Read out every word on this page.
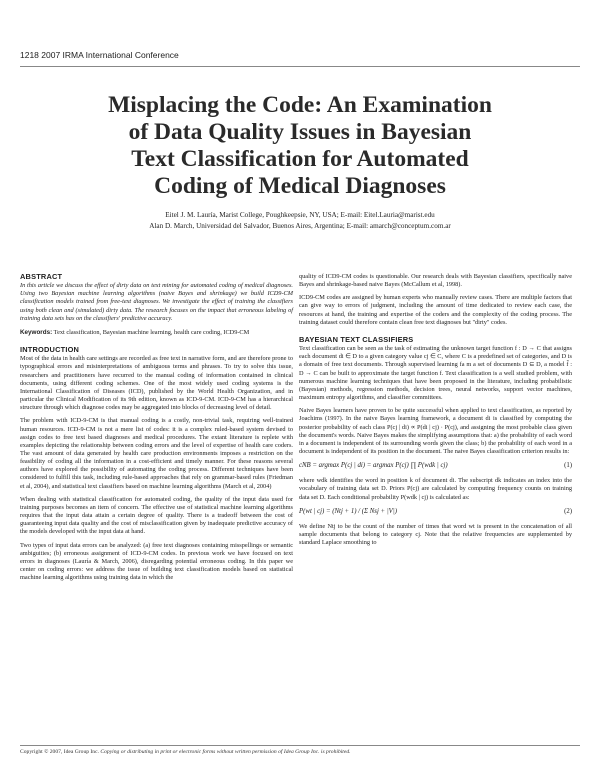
1218 2007 IRMA International Conference
Misplacing the Code: An Examination
of Data Quality Issues in Bayesian
Text Classification for Automated
Coding of Medical Diagnoses
Eitel J. M. Lauría, Marist College, Poughkeepsie, NY, USA; E-mail: Eitel.Lauria@marist.edu
Alan D. March, Universidad del Salvador, Buenos Aires, Argentina; E-mail: amarch@conceptum.com.ar
ABSTRACT
In this article we discuss the effect of dirty data on text mining for automated coding of medical diagnoses. Using two Bayesian machine learning algorithms (naive Bayes and shrinkage) we build ICD9-CM classification models trained from free-text diagnoses. We investigate the effect of training the classifiers using both clean and (simulated) dirty data. The research focuses on the impact that erroneous labeling of training data sets has on the classifiers' predictive accuracy.
Keywords: Text classification, Bayesian machine learning, health care coding, ICD9-CM
INTRODUCTION

Most of the data in health care settings are recorded as free text in narrative form, and are therefore prone to typographical errors and misinterpretations of ambiguous terms and phrases. To try to solve this issue, researchers and practitioners have recurred to the manual coding of information contained in clinical documents, using different coding schemes. One of the most widely used coding systems is the International Classification of Diseases (ICD), published by the World Health Organization, and in particular the Clinical Modification of its 9th edition, known as ICD-9-CM. ICD-9-CM has a hierarchical structure through which diagnose codes may be aggregated into blocks of decreasing level of detail.

The problem with ICD-9-CM is that manual coding is a costly, non-trivial task, requiring well-trained human resources. ICD-9-CM is not a mere list of codes: it is a complex ruled-based system devised to assign codes to free text based diagnoses and medical procedures. The extant literature is replete with examples depicting the relationship between coding errors and the level of expertise of health care coders. The vast amount of data generated by health care production environments imposes a restriction on the feasibility of coding all the information in a cost-efficient and timely manner. For these reasons several authors have explored the possibility of automating the coding process. Different techniques have been considered to fulfill this task, including rule-based approaches that rely on grammar-based rules (Friedman et al, 2004), and statistical text classifiers based on machine learning algorithms (March et al, 2004)

When dealing with statistical classification for automated coding, the quality of the input data used for training purposes becomes an item of concern. The effective use of statistical machine learning algorithms requires that the input data attain a certain degree of quality. There is a tradeoff between the cost of guaranteeing input data quality and the cost of misclassification given by inadequate predictive accuracy of the models developed with the input data at hand.

Two types of input data errors can be analyzed: (a) free text diagnoses containing misspellings or semantic ambiguities; (b) erroneous assignment of ICD-9-CM codes. In previous work we have focused on text errors in diagnoses (Lauría & March, 2006), disregarding potential erroneous coding. In this paper we center on coding errors: we address the issue of building text classification models based on statistical machine learning algorithms using training data in which the

quality of ICD9-CM codes is questionable. Our research deals with Bayesian classifiers, specifically naive Bayes and shrinkage-based naive Bayes (McCallum et al, 1998).

ICD9-CM codes are assigned by human experts who manually review cases. There are multiple factors that can give way to errors of judgment, including the amount of time dedicated to review each case, the resources at hand, the training and expertise of the coders and the complexity of the coding process. The training dataset could therefore contain clean free text diagnoses but "dirty" codes.

BAYESIAN TEXT CLASSIFIERS

Text classification can be seen as the task of estimating the unknown target function f : D → C that assigns each document di ∈ D to a given category value cj ∈ C, where C is a predefined set of categories, and D is a domain of free text documents. Through supervised learning fa m a set of documents D ⊆ D, a model f̂ : D → C can be built to approximate the target function f. Text classification is a well studied problem, with numerous machine learning techniques that have been proposed in the literature, including probabilistic (Bayesian) methods, regression methods, decision trees, neural networks, support vector machines, maximum entropy algorithms, and classifier committees.

Naive Bayes learners have proven to be quite successful when applied to text classification, as reported by Joachims (1997). In the naive Bayes learning framework, a document di is classified by computing the posterior probability of each class P(cj | di) ∝ P(di | cj) · P(cj), and assigning the most probable class given the document's words. Naive Bayes makes the simplifying assumptions that: a) the probability of each word in a document is independent of its surrounding words given the class; b) the probability of each word in a document is independent of its position in the document. The naive Bayes classification criterion results in:

cNB = argmax P(cj | di) = argmax P(cj) ∏ P(wdk | cj)	(1)

where wdk identifies the word in position k of document di. The subscript dk indicates an index into the vocabulary of training data set D. Priors P(cj) are calculated by computing frequency counts on training data set D. Each conditional probability P(wdk | cj) is calculated as:

P(wt | cj) = (Ntj + 1) / (Σ Nsj + |V|)	(2)

We define Ntj to be the count of the number of times that word wt is present in the concatenation of all sample documents that belong to category cj. Note that the relative frequencies are supplemented by standard Laplace smoothing to

Copyright © 2007, Idea Group Inc. Copying or distributing in print or electronic forms without written permission of Idea Group Inc. is prohibited.
